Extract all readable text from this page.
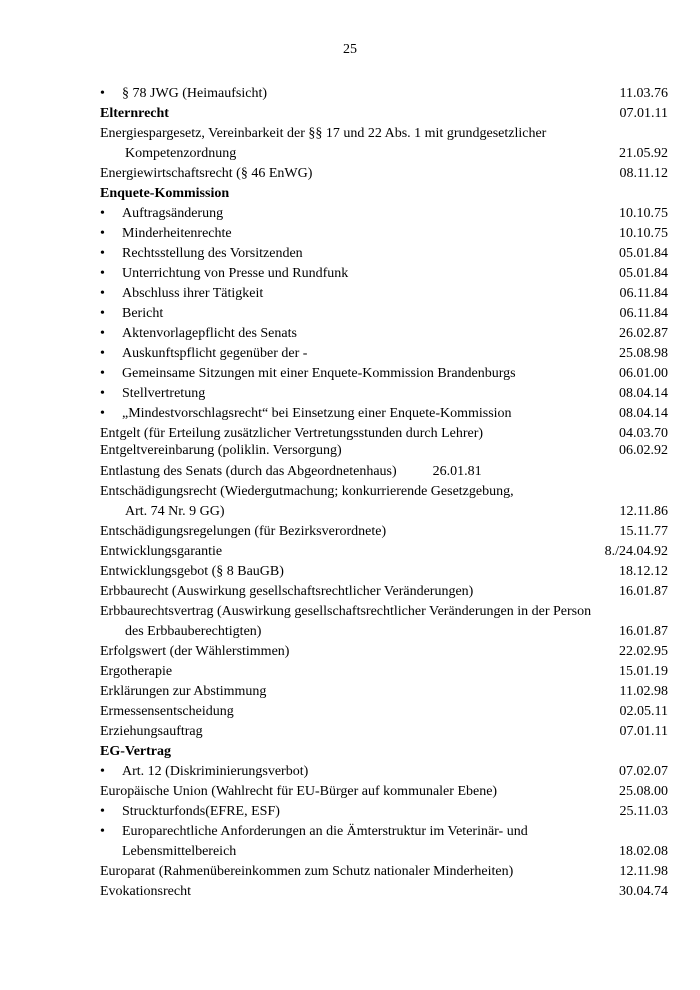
25
• § 78 JWG (Heimaufsicht)	11.03.76
Elternrecht	07.01.11
Energiespargesetz, Vereinbarkeit der §§ 17 und 22 Abs. 1 mit grundgesetzlicher
Kompetenzordnung	21.05.92
Energiewirtschaftsrecht (§ 46 EnWG)	08.11.12
Enquete-Kommission
• Auftragsänderung	10.10.75
• Minderheitenrechte	10.10.75
• Rechtsstellung des Vorsitzenden	05.01.84
• Unterrichtung von Presse und Rundfunk	05.01.84
• Abschluss ihrer Tätigkeit	06.11.84
• Bericht	06.11.84
• Aktenvorlagepflicht des Senats	26.02.87
• Auskunftspflicht gegenüber der -	25.08.98
• Gemeinsame Sitzungen mit einer Enquete-Kommission Brandenburgs	06.01.00
• Stellvertretung	08.04.14
• „Mindestvorschlagsrecht“ bei Einsetzung einer Enquete-Kommission	08.04.14
Entgelt (für Erteilung zusätzlicher Vertretungsstunden durch Lehrer)	04.03.70
Entgeltvereinbarung (poliklin. Versorgung)	06.02.92
Entlastung des Senats (durch das Abgeordnetenhaus)	26.01.81
Entschädigungsrecht (Wiedergutmachung; konkurrierende Gesetzgebung,
Art. 74 Nr. 9 GG)	12.11.86
Entschädigungsregelungen (für Bezirksverordnete)	15.11.77
Entwicklungsgarantie	8./24.04.92
Entwicklungsgebot (§ 8 BauGB)	18.12.12
Erbbaurecht (Auswirkung gesellschaftsrechtlicher Veränderungen)	16.01.87
Erbbaurechtsvertrag (Auswirkung gesellschaftsrechtlicher Veränderungen in der Person
des Erbbauberechtigten)	16.01.87
Erfolgswert (der Wählerstimmen)	22.02.95
Ergotherapie	15.01.19
Erklärungen zur Abstimmung	11.02.98
Ermessensentscheidung	02.05.11
Erziehungsauftrag	07.01.11
EG-Vertrag
• Art. 12 (Diskriminierungsverbot)	07.02.07
Europäische Union (Wahlrecht für EU-Bürger auf kommunaler Ebene)	25.08.00
• Struckturfonds(EFRE, ESF)	25.11.03
• Europarechtliche Anforderungen an die Ämterstruktur im Veterinär- und
Lebensmittelbereich	18.02.08
Europarat (Rahmenübereinkommen zum Schutz nationaler Minderheiten)	12.11.98
Evokationsrecht	30.04.74
